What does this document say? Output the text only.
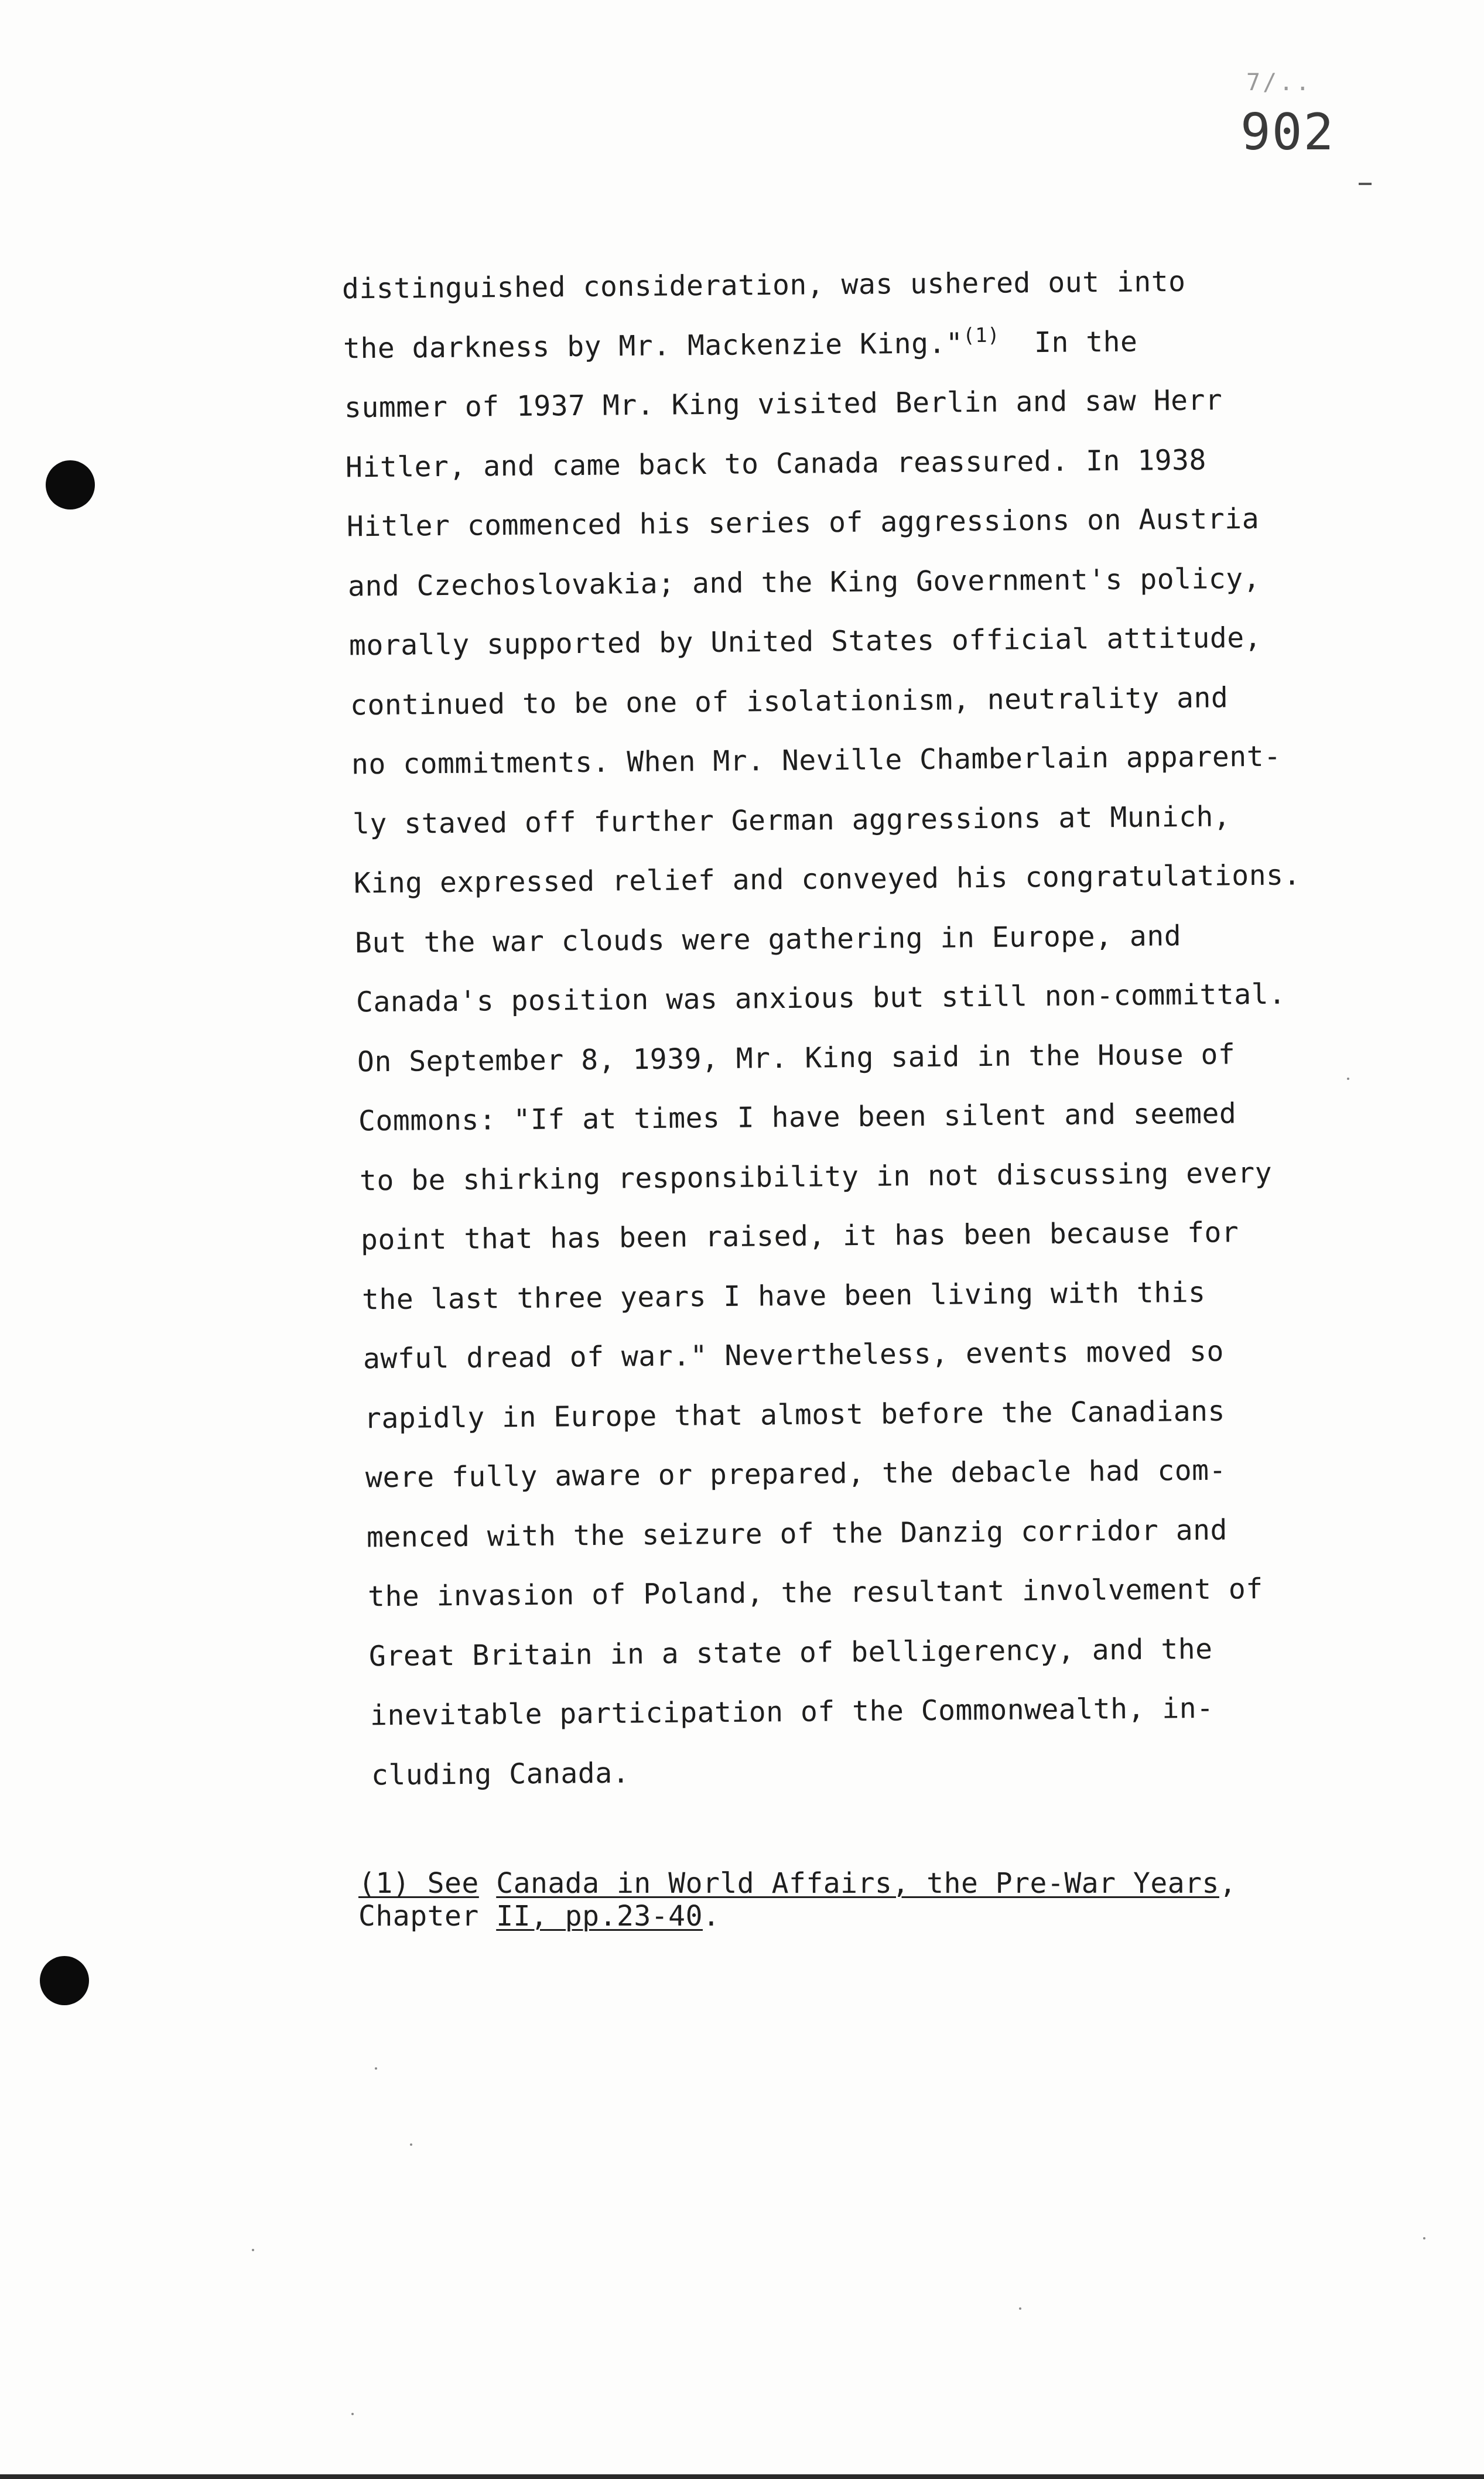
7/..
902
distinguished consideration, was ushered out into
the darkness by Mr. Mackenzie King."$^{(1)}$  In the
summer of 1937 Mr. King visited Berlin and saw Herr
Hitler, and came back to Canada reassured. In 1938
Hitler commenced his series of aggressions on Austria
and Czechoslovakia; and the King Government's policy,
morally supported by United States official attitude,
continued to be one of isolationism, neutrality and
no commitments. When Mr. Neville Chamberlain apparent-
ly staved off further German aggressions at Munich,
King expressed relief and conveyed his congratulations.
But the war clouds were gathering in Europe, and
Canada's position was anxious but still non-committal.
On September 8, 1939, Mr. King said in the House of
Commons: "If at times I have been silent and seemed
to be shirking responsibility in not discussing every
point that has been raised, it has been because for
the last three years I have been living with this
awful dread of war." Nevertheless, events moved so
rapidly in Europe that almost before the Canadians
were fully aware or prepared, the debacle had com-
menced with the seizure of the Danzig corridor and
the invasion of Poland, the resultant involvement of
Great Britain in a state of belligerency, and the
inevitable participation of the Commonwealth, in-
cluding Canada.
(1) See Canada in World Affairs, the Pre-War Years,
Chapter II, pp.23-40.
